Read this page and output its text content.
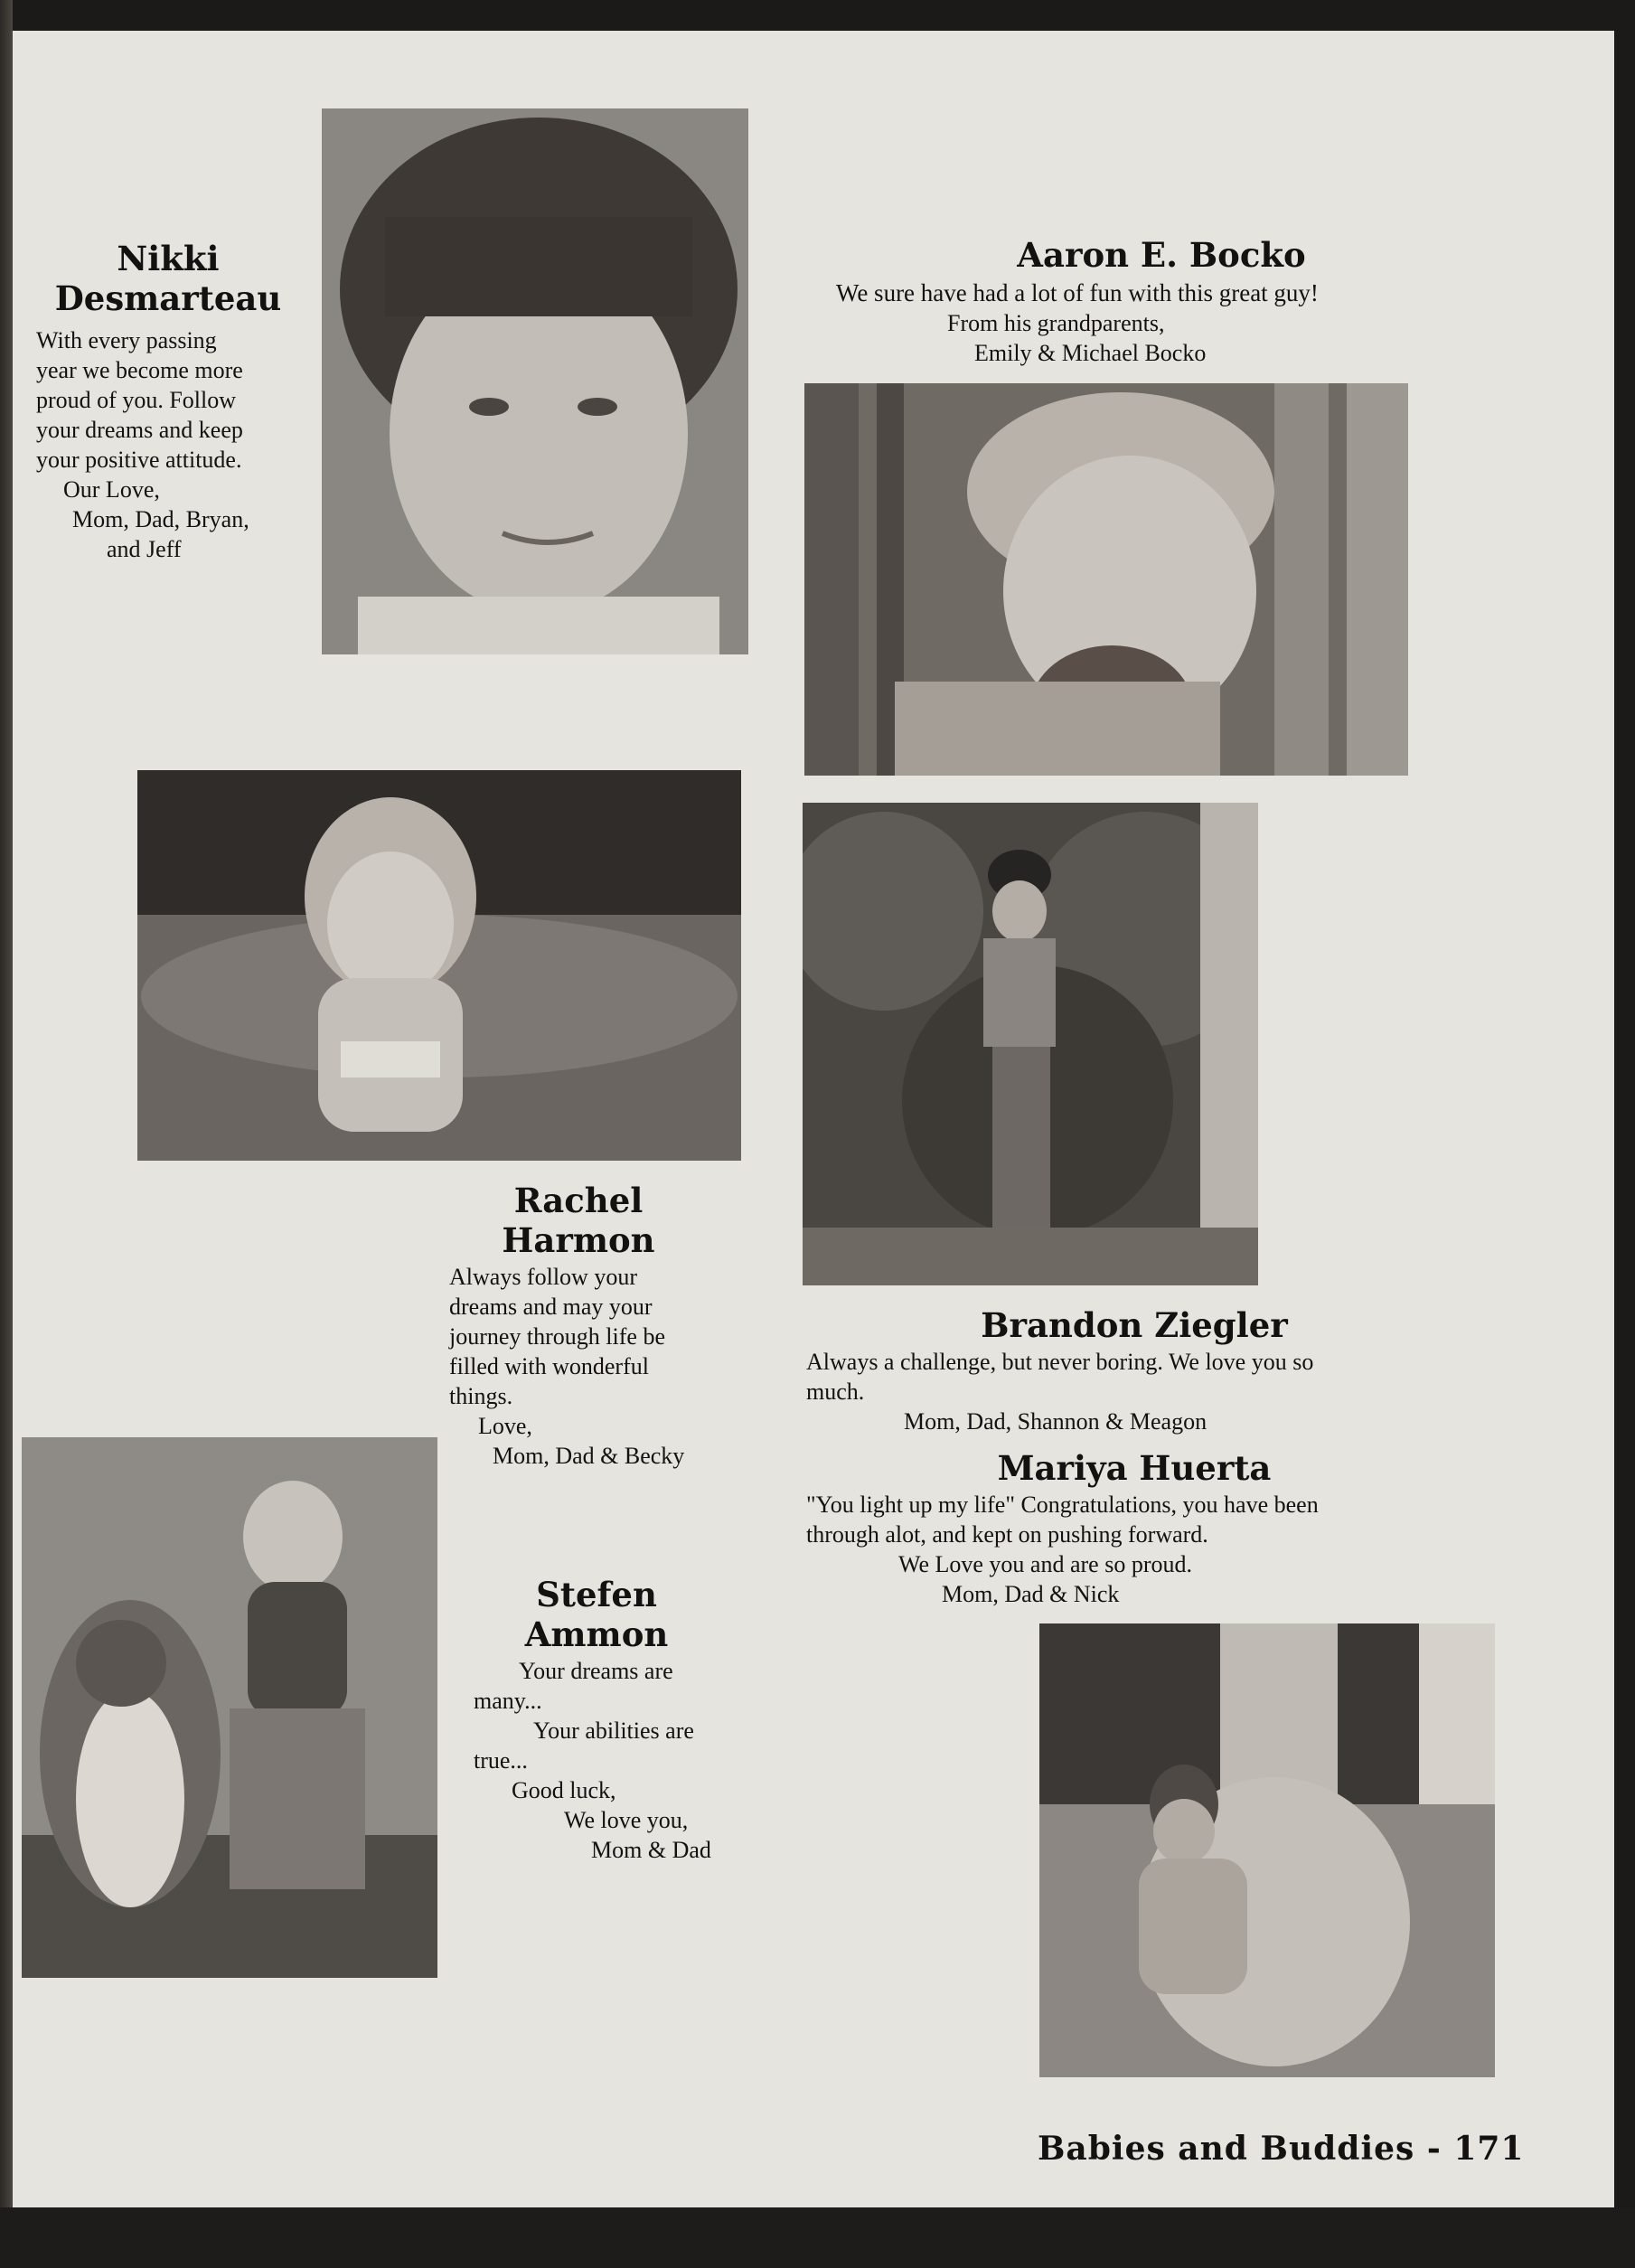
Nikki Desmarteau

With every passing

year we become more

proud of you. Follow

your dreams and keep

your positive attitude.

Our Love,

Mom, Dad, Bryan,

and Jeff

Aaron E. Bocko

We sure have had a lot of fun with this great guy!

From his grandparents,

Emily & Michael Bocko

Rachel
Harmon

Always follow your

dreams and may your

journey through life be

filled with wonderful

things.

Love,

Mom, Dad & Becky

Brandon Ziegler

Always a challenge, but never boring. We love you so

much.

Mom, Dad, Shannon & Meagon

Mariya Huerta

"You light up my life" Congratulations, you have been

through alot, and kept on pushing forward.

We Love you and are so proud.

Mom, Dad & Nick

Stefen
Ammon

Your dreams are

many...

Your abilities are

true...

Good luck,

We love you,

Mom & Dad

Babies and Buddies - 171
